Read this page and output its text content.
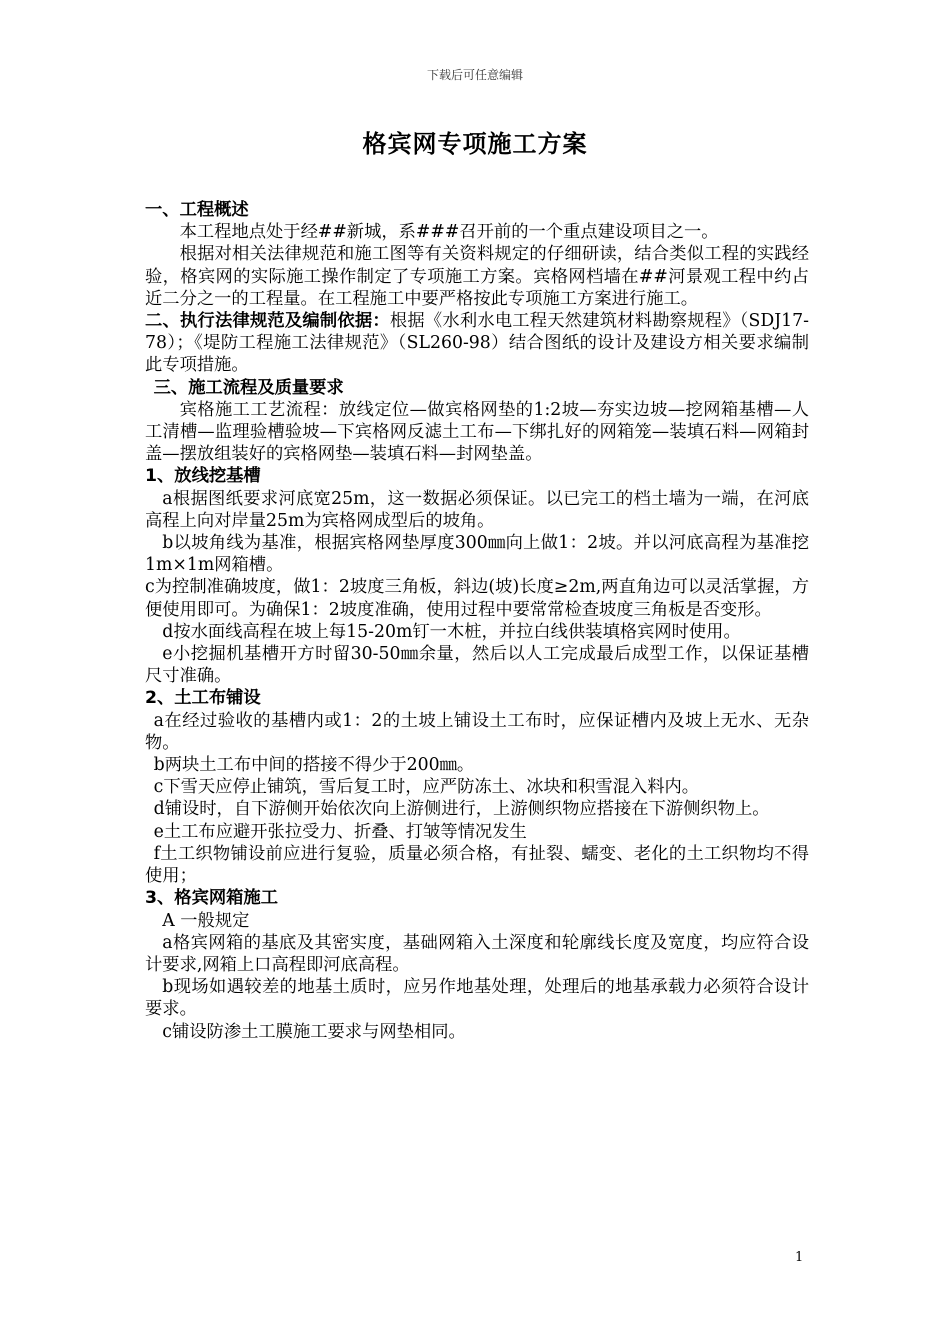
下载后可任意编辑
格宾网专项施工方案

一、工程概述

本工程地点处于经##新城，系###召开前的一个重点建设项目之一。

根据对相关法律规范和施工图等有关资料规定的仔细研读，结合类似工程的实践经验，格宾网的实际施工操作制定了专项施工方案。宾格网档墙在##河景观工程中约占近二分之一的工程量。在工程施工中要严格按此专项施工方案进行施工。

二、执行法律规范及编制依据：根据《水利水电工程天然建筑材料勘察规程》（SDJ17-78）；《堤防工程施工法律规范》（SL260-98）结合图纸的设计及建设方相关要求编制此专项措施。

三、施工流程及质量要求

宾格施工工艺流程：放线定位—做宾格网垫的1:2坡—夯实边坡—挖网箱基槽—人工清槽—监理验槽验坡—下宾格网反滤土工布—下绑扎好的网箱笼—装填石料—网箱封盖—摆放组装好的宾格网垫—装填石料—封网垫盖。

1、放线挖基槽

a根据图纸要求河底宽25m，这一数据必须保证。以已完工的档土墙为一端，在河底高程上向对岸量25m为宾格网成型后的坡角。

b以坡角线为基准，根据宾格网垫厚度300㎜向上做1：2坡。并以河底高程为基准挖1m×1m网箱槽。

c为控制准确坡度，做1：2坡度三角板，斜边(坡)长度≥2m,两直角边可以灵活掌握，方便使用即可。为确保1：2坡度准确，使用过程中要常常检查坡度三角板是否变形。

d按水面线高程在坡上每15-20m钉一木桩，并拉白线供装填格宾网时使用。

e小挖掘机基槽开方时留30-50㎜余量，然后以人工完成最后成型工作，以保证基槽尺寸准确。

2、土工布铺设

a在经过验收的基槽内或1：2的土坡上铺设土工布时，应保证槽内及坡上无水、无杂物。

b两块土工布中间的搭接不得少于200㎜。

c下雪天应停止铺筑，雪后复工时，应严防冻土、冰块和积雪混入料内。

d铺设时，自下游侧开始依次向上游侧进行，上游侧织物应搭接在下游侧织物上。

e土工布应避开张拉受力、折叠、打皱等情况发生

f土工织物铺设前应进行复验，质量必须合格，有扯裂、蠕变、老化的土工织物均不得使用；

3、格宾网箱施工

A 一般规定

a格宾网箱的基底及其密实度，基础网箱入土深度和轮廓线长度及宽度，均应符合设计要求,网箱上口高程即河底高程。

b现场如遇较差的地基土质时，应另作地基处理，处理后的地基承载力必须符合设计要求。

c铺设防渗土工膜施工要求与网垫相同。

1
